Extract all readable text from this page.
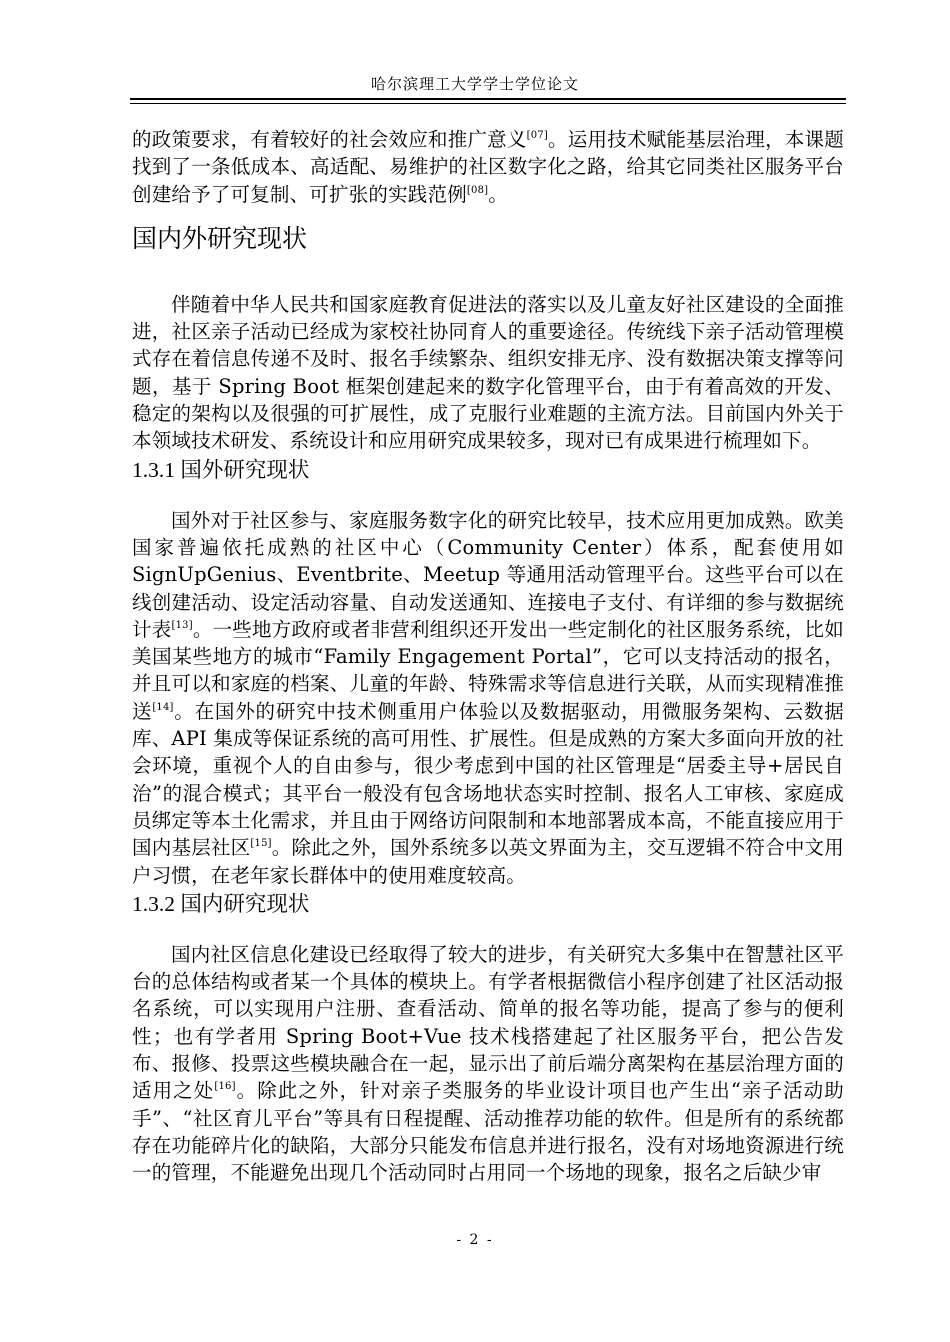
哈尔滨理工大学学士学位论文

的政策要求，有着较好的社会效应和推广意义[07]。运用技术赋能基层治理，本课题找到了一条低成本、高适配、易维护的社区数字化之路，给其它同类社区服务平台创建给予了可复制、可扩张的实践范例[08]。

国内外研究现状

伴随着中华人民共和国家庭教育促进法的落实以及儿童友好社区建设的全面推进，社区亲子活动已经成为家校社协同育人的重要途径。传统线下亲子活动管理模式存在着信息传递不及时、报名手续繁杂、组织安排无序、没有数据决策支撑等问题，基于 Spring Boot 框架创建起来的数字化管理平台，由于有着高效的开发、稳定的架构以及很强的可扩展性，成了克服行业难题的主流方法。目前国内外关于本领域技术研发、系统设计和应用研究成果较多，现对已有成果进行梳理如下。

1.3.1 国外研究现状

国外对于社区参与、家庭服务数字化的研究比较早，技术应用更加成熟。欧美国家普遍依托成熟的社区中心（Community Center）体系，配套使用如 SignUpGenius、Eventbrite、Meetup 等通用活动管理平台。这些平台可以在线创建活动、设定活动容量、自动发送通知、连接电子支付、有详细的参与数据统计表[13]。一些地方政府或者非营利组织还开发出一些定制化的社区服务系统，比如美国某些地方的城市“Family Engagement Portal”，它可以支持活动的报名，并且可以和家庭的档案、儿童的年龄、特殊需求等信息进行关联，从而实现精准推送[14]。在国外的研究中技术侧重用户体验以及数据驱动，用微服务架构、云数据库、API 集成等保证系统的高可用性、扩展性。但是成熟的方案大多面向开放的社会环境，重视个人的自由参与，很少考虑到中国的社区管理是“居委主导+居民自治”的混合模式；其平台一般没有包含场地状态实时控制、报名人工审核、家庭成员绑定等本土化需求，并且由于网络访问限制和本地部署成本高，不能直接应用于国内基层社区[15]。除此之外，国外系统多以英文界面为主，交互逻辑不符合中文用户习惯，在老年家长群体中的使用难度较高。

1.3.2 国内研究现状

国内社区信息化建设已经取得了较大的进步，有关研究大多集中在智慧社区平台的总体结构或者某一个具体的模块上。有学者根据微信小程序创建了社区活动报名系统，可以实现用户注册、查看活动、简单的报名等功能，提高了参与的便利性；也有学者用 Spring Boot+Vue 技术栈搭建起了社区服务平台，把公告发布、报修、投票这些模块融合在一起，显示出了前后端分离架构在基层治理方面的适用之处[16]。除此之外，针对亲子类服务的毕业设计项目也产生出“亲子活动助手”、“社区育儿平台”等具有日程提醒、活动推荐功能的软件。但是所有的系统都存在功能碎片化的缺陷，大部分只能发布信息并进行报名，没有对场地资源进行统一的管理，不能避免出现几个活动同时占用同一个场地的现象，报名之后缺少审

- 2 -
